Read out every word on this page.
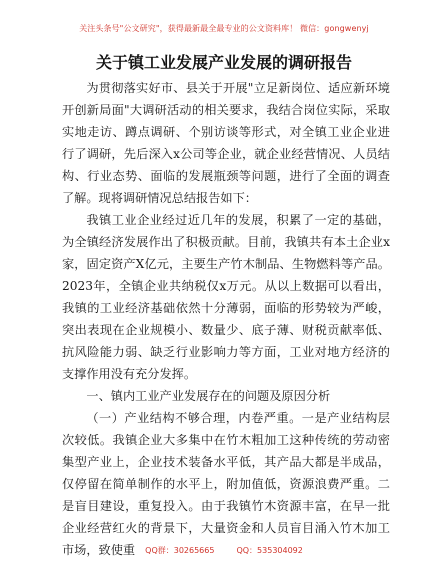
关注头条号"公文研究"，获得最新最全最专业的公文资料库！ 微信：gongwenyj
关于镇工业发展产业发展的调研报告

为贯彻落实好市、县关于开展"立足新岗位、适应新环境开创新局面"大调研活动的相关要求，我结合岗位实际，采取实地走访、蹲点调研、个别访谈等形式，对全镇工业企业进行了调研，先后深入x公司等企业，就企业经营情况、人员结构、行业态势、面临的发展瓶颈等问题，进行了全面的调查了解。现将调研情况总结报告如下：

我镇工业企业经过近几年的发展，积累了一定的基础，为全镇经济发展作出了积极贡献。目前，我镇共有本土企业x家，固定资产X亿元，主要生产竹木制品、生物燃料等产品。2023年，全镇企业共纳税仅x万元。从以上数据可以看出，我镇的工业经济基础依然十分薄弱，面临的形势较为严峻，突出表现在企业规模小、数量少、底子薄、财税贡献率低、抗风险能力弱、缺乏行业影响力等方面，工业对地方经济的支撑作用没有充分发挥。

一、镇内工业产业发展存在的问题及原因分析

（一）产业结构不够合理，内卷严重。一是产业结构层次较低。我镇企业大多集中在竹木粗加工这种传统的劳动密集型产业上，企业技术装备水平低，其产品大都是半成品，仅停留在简单制作的水平上，附加值低，资源浪费严重。二是盲目建设，重复投入。由于我镇竹木资源丰富，在早一批企业经营红火的背景下，大量资金和人员盲目涌入竹木加工市场，致使重	QQ群：30265665	QQ：535304092
